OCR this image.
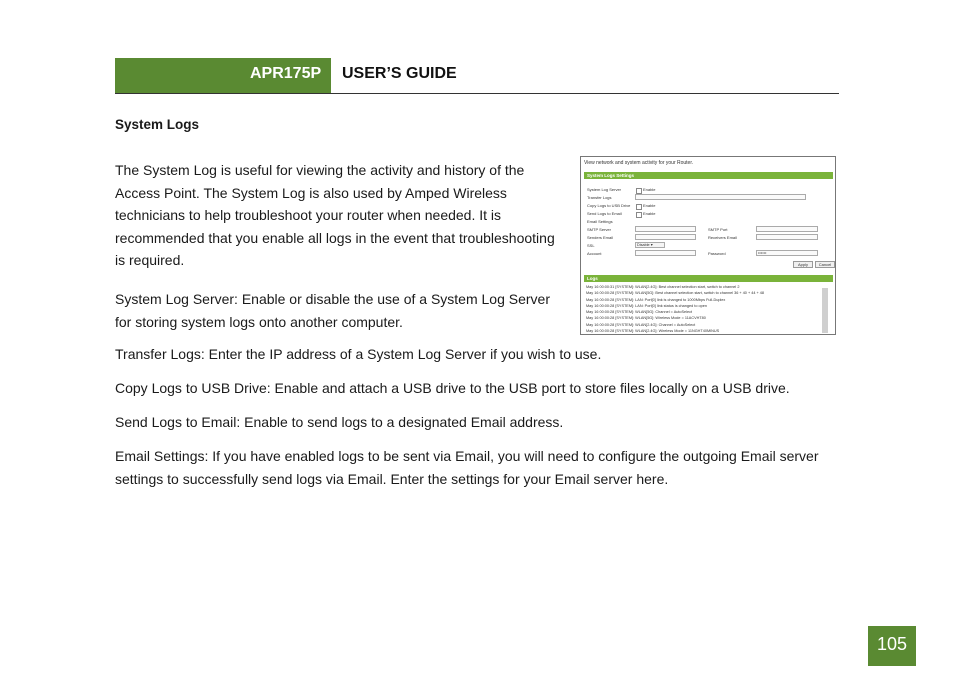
APR175P USER’S GUIDE
System Logs

The System Log is useful for viewing the activity and history of the Access Point. The System Log is also used by Amped Wireless technicians to help troubleshoot your router when needed. It is recommended that you enable all logs in the event that troubleshooting is required.

System Log Server: Enable or disable the use of a System Log Server for storing system logs onto another computer.

Transfer Logs: Enter the IP address of a System Log Server if you wish to use.

Copy Logs to USB Drive: Enable and attach a USB drive to the USB port to store files locally on a USB drive.

Send Logs to Email: Enable to send logs to a designated Email address.

Email Settings: If you have enabled logs to be sent via Email, you will need to configure the outgoing Email server settings to successfully send logs via Email. Enter the settings for your Email server here.

View network and system activity for your Router.
System Logs Settings
System Log Server	Enable
Transfer Logs
Copy Logs to USB Drive	Enable
Send Logs to Email	Enable
Email Settings
SMTP Server	SMTP Port
Senders Email	Receivers Email
SSL	Disable ▾
Account	Password	••••••
Apply	Cancel
Logs
May 16 00:00:31 [SYSTEM]: WLAN[2.4G]: Best channel selection start, switch to channel 2
May 16 00:00:28 [SYSTEM]: WLAN[5G]: Best channel selection start, switch to channel 36 + 40 + 44 + 48
May 16 00:00:28 [SYSTEM]: LAN: Port[0] link is changed to 1000Mbps Full-Duplex
May 16 00:00:28 [SYSTEM]: LAN: Port[0] link status is changed to open
May 16 00:00:28 [SYSTEM]: WLAN[5G]: Channel = AutoSelect
May 16 00:00:28 [SYSTEM]: WLAN[5G]: Wireless Mode = 11ACVHT80
May 16 00:00:28 [SYSTEM]: WLAN[2.4G]: Channel = AutoSelect
May 16 00:00:28 [SYSTEM]: WLAN[2.4G]: Wireless Mode = 11NGHT40MINUS
105
